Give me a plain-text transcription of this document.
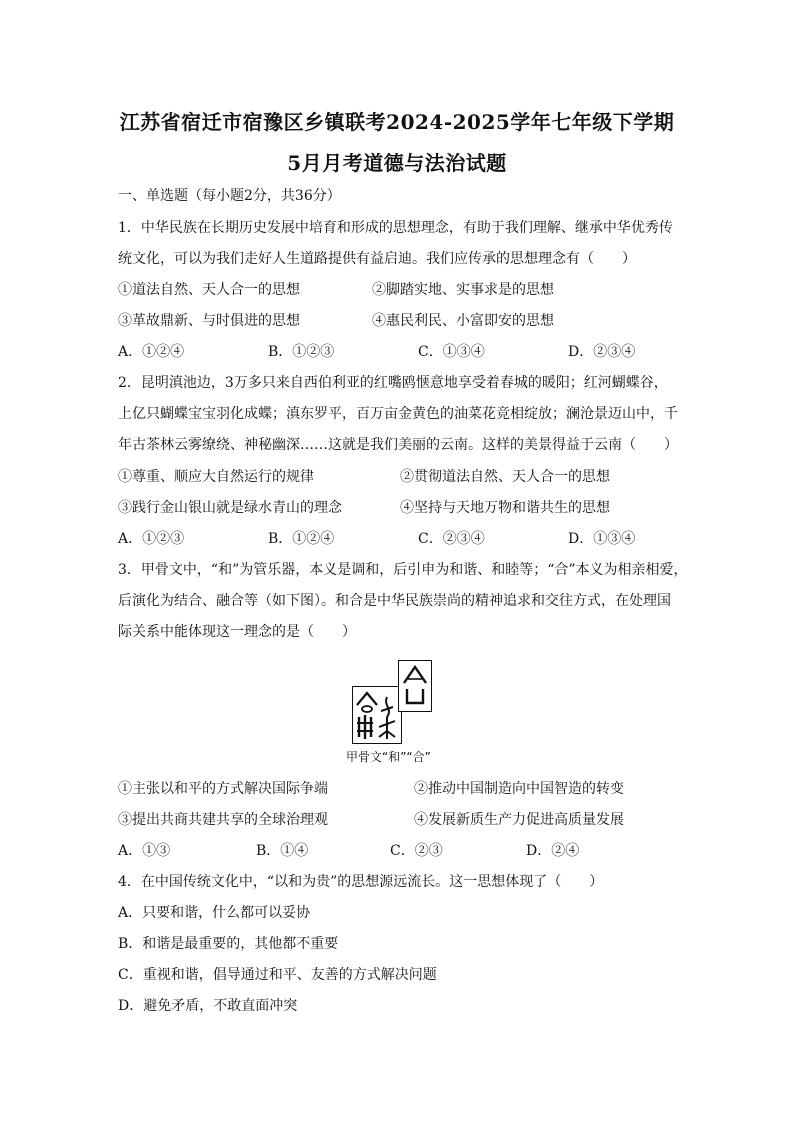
江苏省宿迁市宿豫区乡镇联考2024-2025学年七年级下学期
5月月考道德与法治试题
一、单选题（每小题2分，共36分）
1．中华民族在长期历史发展中培育和形成的思想理念，有助于我们理解、继承中华优秀传
统文化，可以为我们走好人生道路提供有益启迪。我们应传承的思想理念有（　　）
①道法自然、天人合一的思想	②脚踏实地、实事求是的思想
③革故鼎新、与时俱进的思想	④惠民利民、小富即安的思想
A．①②④	B．①②③	C．①③④	D．②③④
2．昆明滇池边，3万多只来自西伯利亚的红嘴鸥惬意地享受着春城的暖阳；红河蝴蝶谷，
上亿只蝴蝶宝宝羽化成蝶；滇东罗平，百万亩金黄色的油菜花竞相绽放；澜沧景迈山中，千
年古茶林云雾缭绕、神秘幽深……这就是我们美丽的云南。这样的美景得益于云南（　　）
①尊重、顺应大自然运行的规律	②贯彻道法自然、天人合一的思想
③践行金山银山就是绿水青山的理念	④坚持与天地万物和谐共生的思想
A．①②③	B．①②④	C．②③④	D．①③④
3．甲骨文中，“和”为管乐器，本义是调和，后引申为和谐、和睦等；“合”本义为相亲相爱，
后演化为结合、融合等（如下图）。和合是中华民族崇尚的精神追求和交往方式，在处理国
际关系中能体现这一理念的是（　　）
甲骨文“和”“合”
①主张以和平的方式解决国际争端	②推动中国制造向中国智造的转变
③提出共商共建共享的全球治理观	④发展新质生产力促进高质量发展
A．①③	B．①④	C．②③	D．②④
4．在中国传统文化中，“以和为贵”的思想源远流长。这一思想体现了（　　）
A．只要和谐，什么都可以妥协
B．和谐是最重要的，其他都不重要
C．重视和谐，倡导通过和平、友善的方式解决问题
D．避免矛盾，不敢直面冲突
